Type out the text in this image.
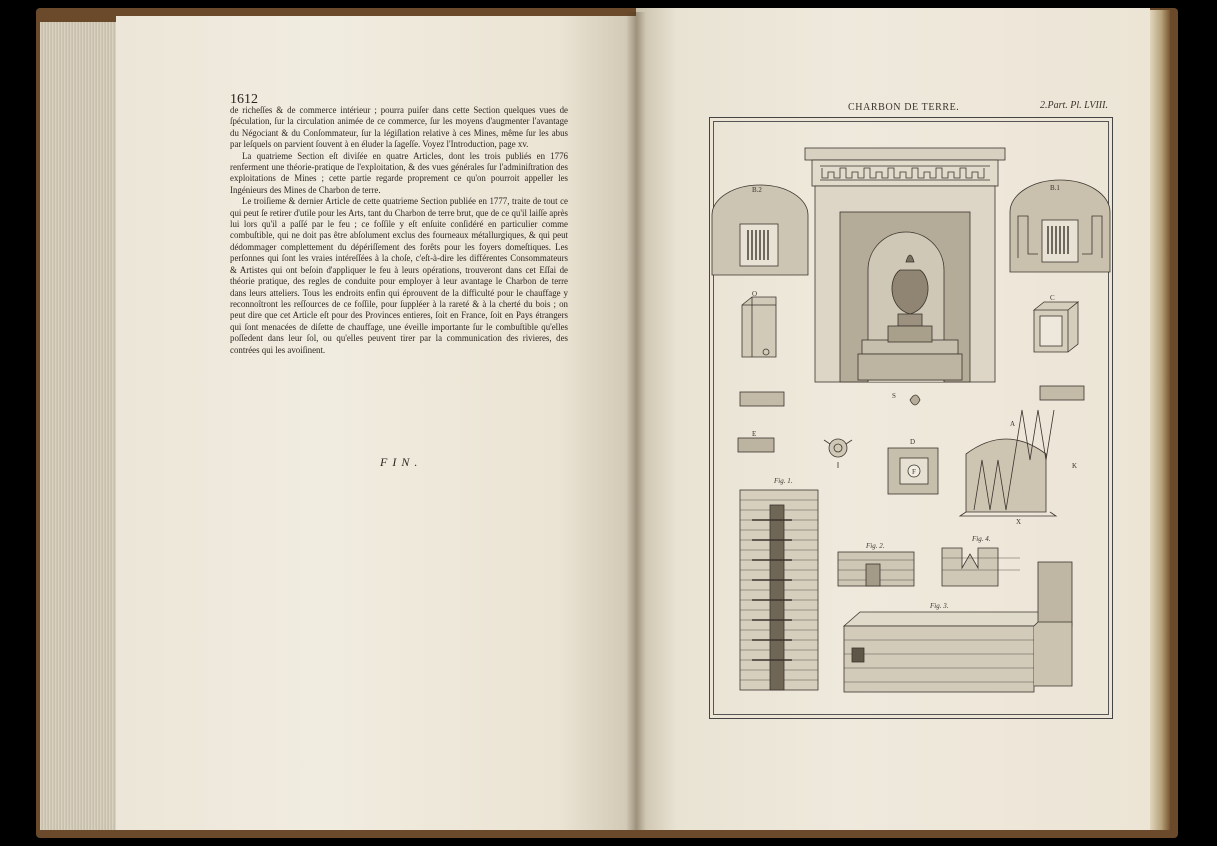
1612

de richeſſes & de commerce intérieur ; pourra puiſer dans cette Section quelques vues de ſpéculation, ſur la circulation animée de ce commerce, ſur les moyens d'augmenter l'avantage du Négociant & du Conſommateur, ſur la légiſlation relative à ces Mines, même ſur les abus par leſquels on parvient ſouvent à en éluder la ſageſſe. Voyez l'Introduction, page xv.

La quatrieme Section eſt diviſée en quatre Articles, dont les trois publiés en 1776 renferment une théorie-pratique de l'exploitation, & des vues générales ſur l'adminiſtration des exploitations de Mines ; cette partie regarde proprement ce qu'on pourroit appeller les Ingénieurs des Mines de Charbon de terre.

Le troiſieme & dernier Article de cette quatrieme Section publiée en 1777, traite de tout ce qui peut ſe retirer d'utile pour les Arts, tant du Charbon de terre brut, que de ce qu'il laiſſe après lui lors qu'il a paſſé par le feu ; ce foſſile y eſt enſuite conſidéré en particulier comme combuſtible, qui ne doit pas être abſolument exclus des fourneaux métallurgiques, & qui peut dédommager complettement du dépériſſement des forêts pour les foyers domeſtiques. Les perſonnes qui ſont les vraies intéreſſées à la choſe, c'eſt-à-dire les différentes Consommateurs & Artistes qui ont beſoin d'appliquer le feu à leurs opérations, trouveront dans cet Eſſai de théorie pratique, des regles de conduite pour employer à leur avantage le Charbon de terre dans leurs atteliers. Tous les endroits enfin qui éprouvent de la difficulté pour le chauffage y reconnoîtront les reſſources de ce foſſile, pour ſuppléer à la rareté & à la cherté du bois ; on peut dire que cet Article eſt pour des Provinces entieres, ſoit en France, ſoit en Pays étrangers qui ſont menacées de diſette de chauffage, une éveille importante ſur le combuſtible qu'elles poſſedent dans leur ſol, ou qu'elles peuvent tirer par la communication des rivieres, des contrées qui les avoiſinent.

FIN.
CHARBON DE TERRE.	2.Part. Pl. LVIII.
B.2	B.1
O	C
E
D
A
K
X
S
F
Fig. 1.
Fig. 2.
Fig. 3.
Fig. 4.
